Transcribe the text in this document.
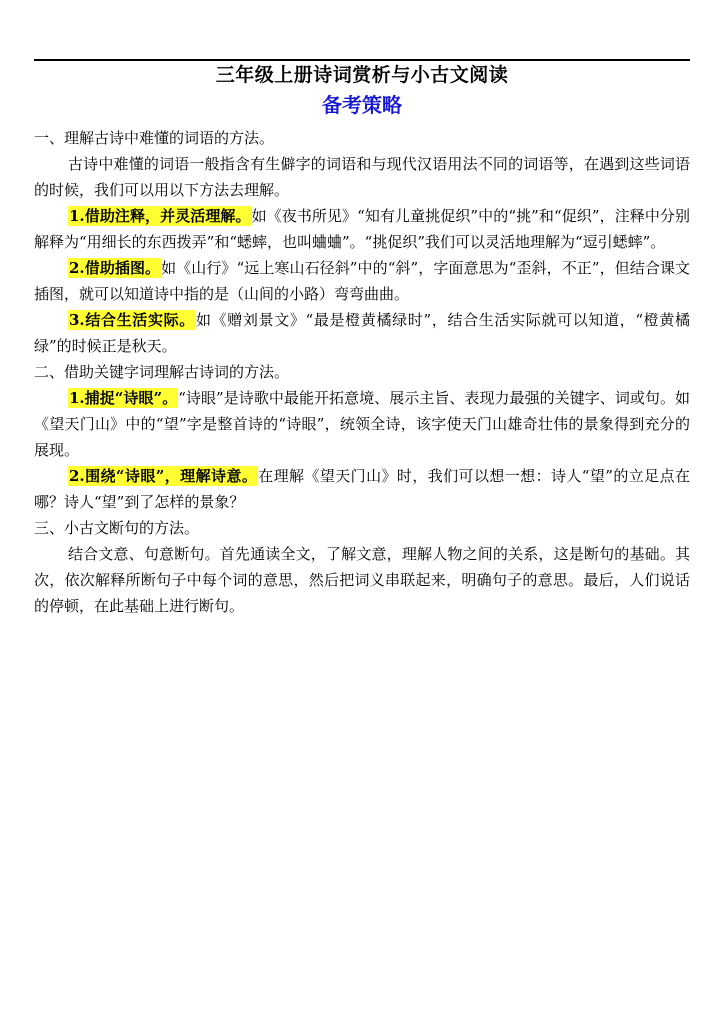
三年级上册诗词赏析与小古文阅读
备考策略

一、理解古诗中难懂的词语的方法。

古诗中难懂的词语一般指含有生僻字的词语和与现代汉语用法不同的词语等，在遇到这些词语的时候，我们可以用以下方法去理解。

1.借助注释，并灵活理解。如《夜书所见》“知有儿童挑促织”中的“挑”和“促织”，注释中分别解释为“用细长的东西拨弄”和“蟋蟀，也叫蛐蛐”。“挑促织”我们可以灵活地理解为“逗引蟋蟀”。

2.借助插图。如《山行》“远上寒山石径斜”中的“斜”，字面意思为“歪斜，不正”，但结合课文插图，就可以知道诗中指的是（山间的小路）弯弯曲曲。

3.结合生活实际。如《赠刘景文》“最是橙黄橘绿时”，结合生活实际就可以知道，“橙黄橘绿”的时候正是秋天。

二、借助关键字词理解古诗词的方法。

1.捕捉“诗眼”。“诗眼”是诗歌中最能开拓意境、展示主旨、表现力最强的关键字、词或句。如《望天门山》中的“望”字是整首诗的“诗眼”，统领全诗，该字使天门山雄奇壮伟的景象得到充分的展现。

2.围绕“诗眼”，理解诗意。在理解《望天门山》时，我们可以想一想：诗人“望”的立足点在哪？诗人“望”到了怎样的景象？

三、小古文断句的方法。

结合文意、句意断句。首先通读全文，了解文意，理解人物之间的关系，这是断句的基础。其次，依次解释所断句子中每个词的意思，然后把词义串联起来，明确句子的意思。最后，人们说话的停顿，在此基础上进行断句。
